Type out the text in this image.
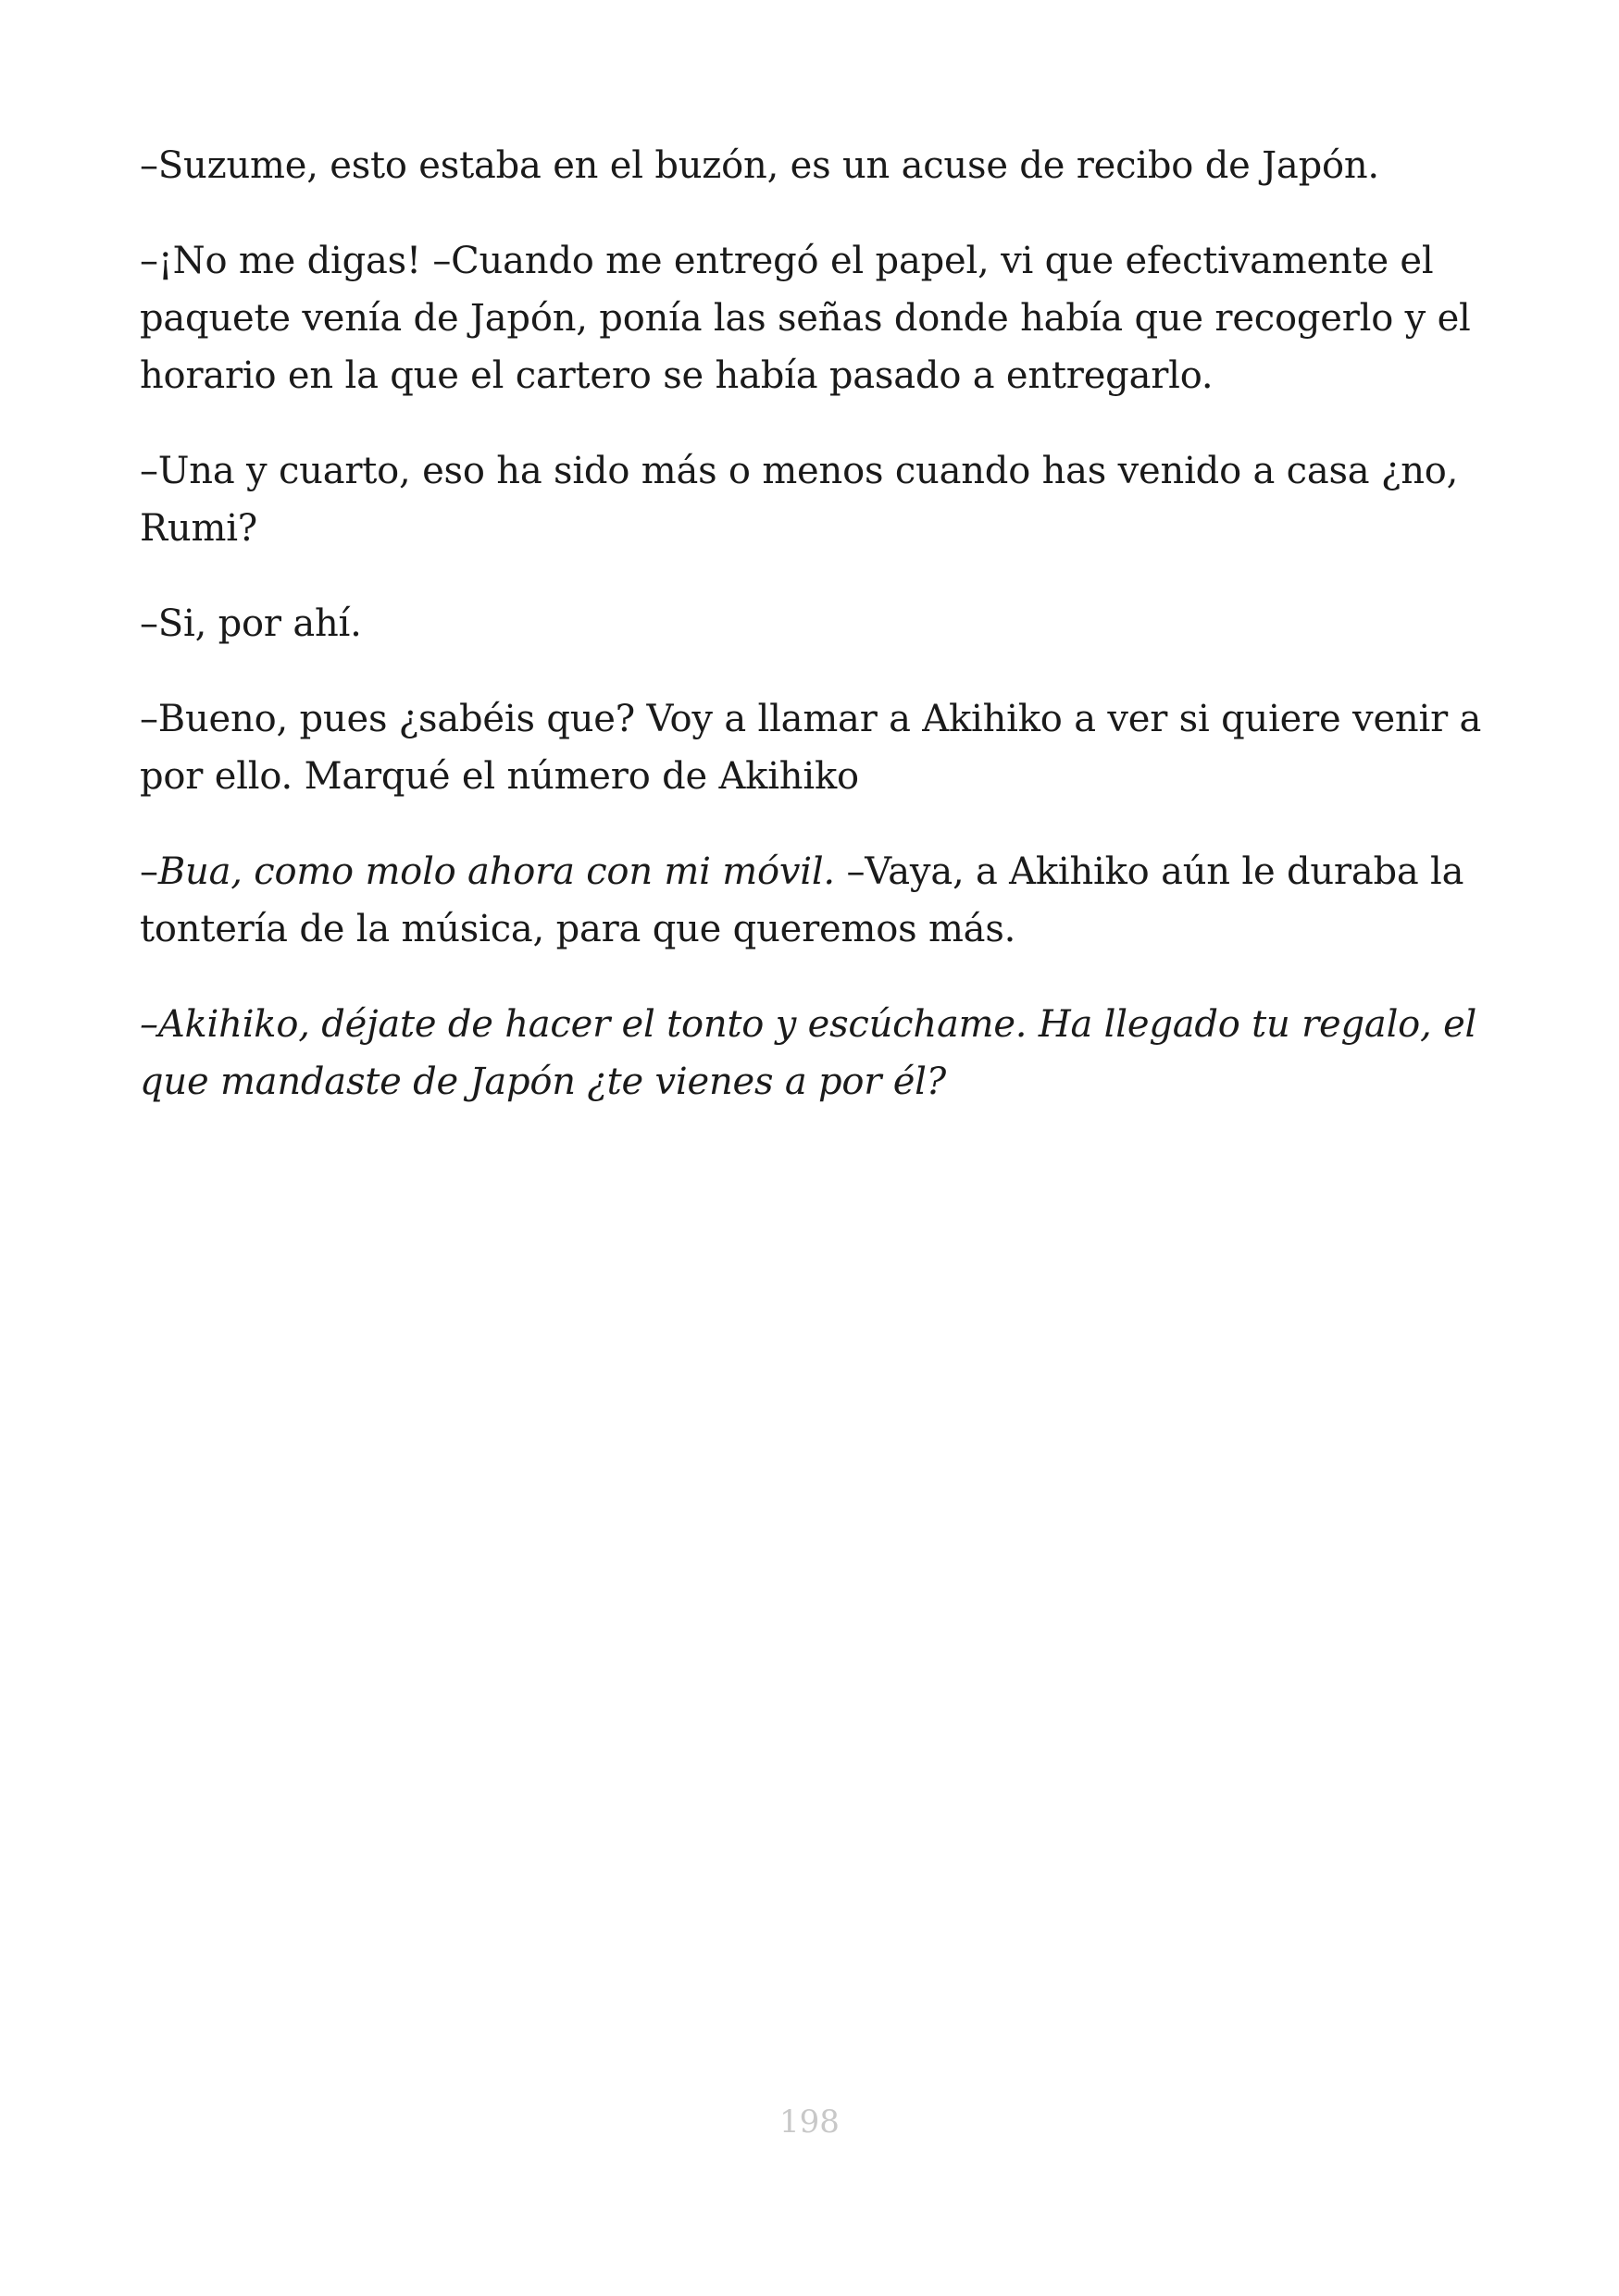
–Suzume, esto estaba en el buzón, es un acuse de recibo de Japón.

–¡No me digas! –Cuando me entregó el papel, vi que efectivamente el paquete venía de Japón, ponía las señas donde había que recogerlo y el horario en la que el cartero se había pasado a entregarlo.

–Una y cuarto, eso ha sido más o menos cuando has venido a casa ¿no, Rumi?

–Si, por ahí.

–Bueno, pues ¿sabéis que? Voy a llamar a Akihiko a ver si quiere venir a por ello. Marqué el número de Akihiko

–Bua, como molo ahora con mi móvil. –Vaya, a Akihiko aún le duraba la tontería de la música, para que queremos más.

–Akihiko, déjate de hacer el tonto y escúchame. Ha llegado tu regalo, el que mandaste de Japón ¿te vienes a por él?

198
